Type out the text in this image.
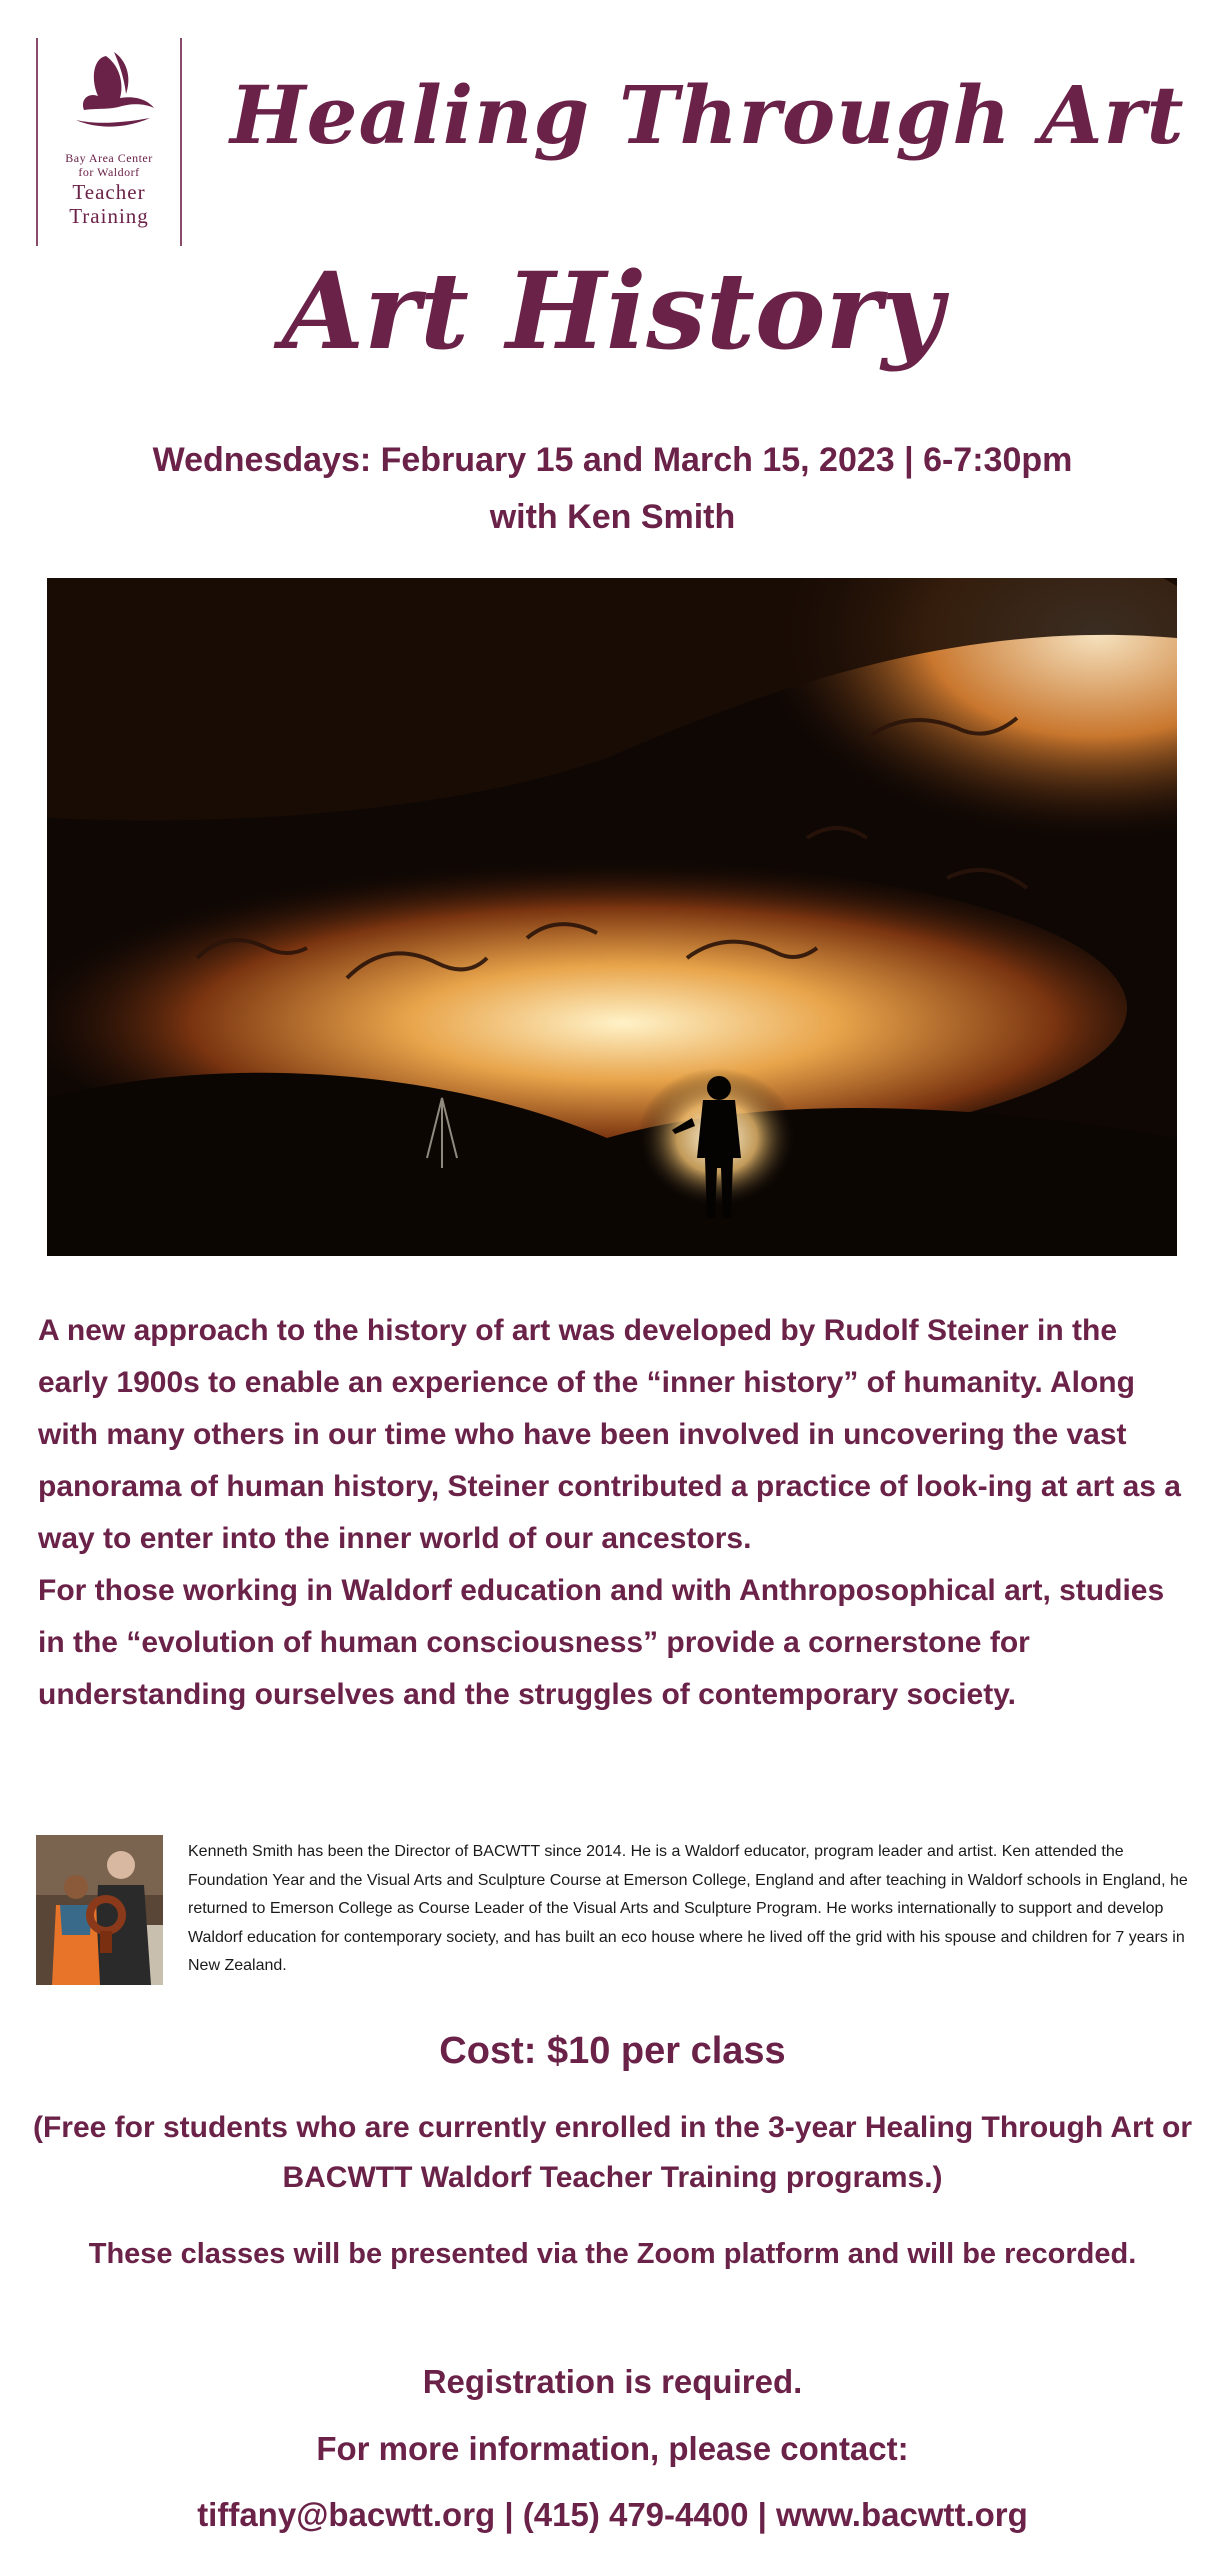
Bay Area Center
for Waldorf
Teacher
Training
Healing Through Art
Art History
Wednesdays: February 15 and March 15, 2023 | 6-7:30pm
with Ken Smith

A new approach to the history of art was developed by Rudolf Steiner in the early 1900s to enable an experience of the “inner history” of humanity. Along with many others in our time who have been involved in uncovering the vast panorama of human history, Steiner contributed a practice of look-ing at art as a way to enter into the inner world of our ancestors.

For those working in Waldorf education and with Anthroposophical art, studies in the “evolution of human consciousness” provide a cornerstone for understanding ourselves and the struggles of contemporary society.

Kenneth Smith has been the Director of BACWTT since 2014. He is a Waldorf educator, program leader and artist. Ken attended the Foundation Year and the Visual Arts and Sculpture Course at Emerson College, England and after teaching in Waldorf schools in England, he returned to Emerson College as Course Leader of the Visual Arts and Sculpture Program. He works internationally to support and develop Waldorf education for contemporary society, and has built an eco house where he lived off the grid with his spouse and children for 7 years in New Zealand.
Cost: $10 per class
(Free for students who are currently enrolled in the 3-year Healing Through Art or BACWTT Waldorf Teacher Training programs.)
These classes will be presented via the Zoom platform and will be recorded.
Registration is required.
For more information, please contact:
tiffany@bacwtt.org | (415) 479-4400 | www.bacwtt.org
